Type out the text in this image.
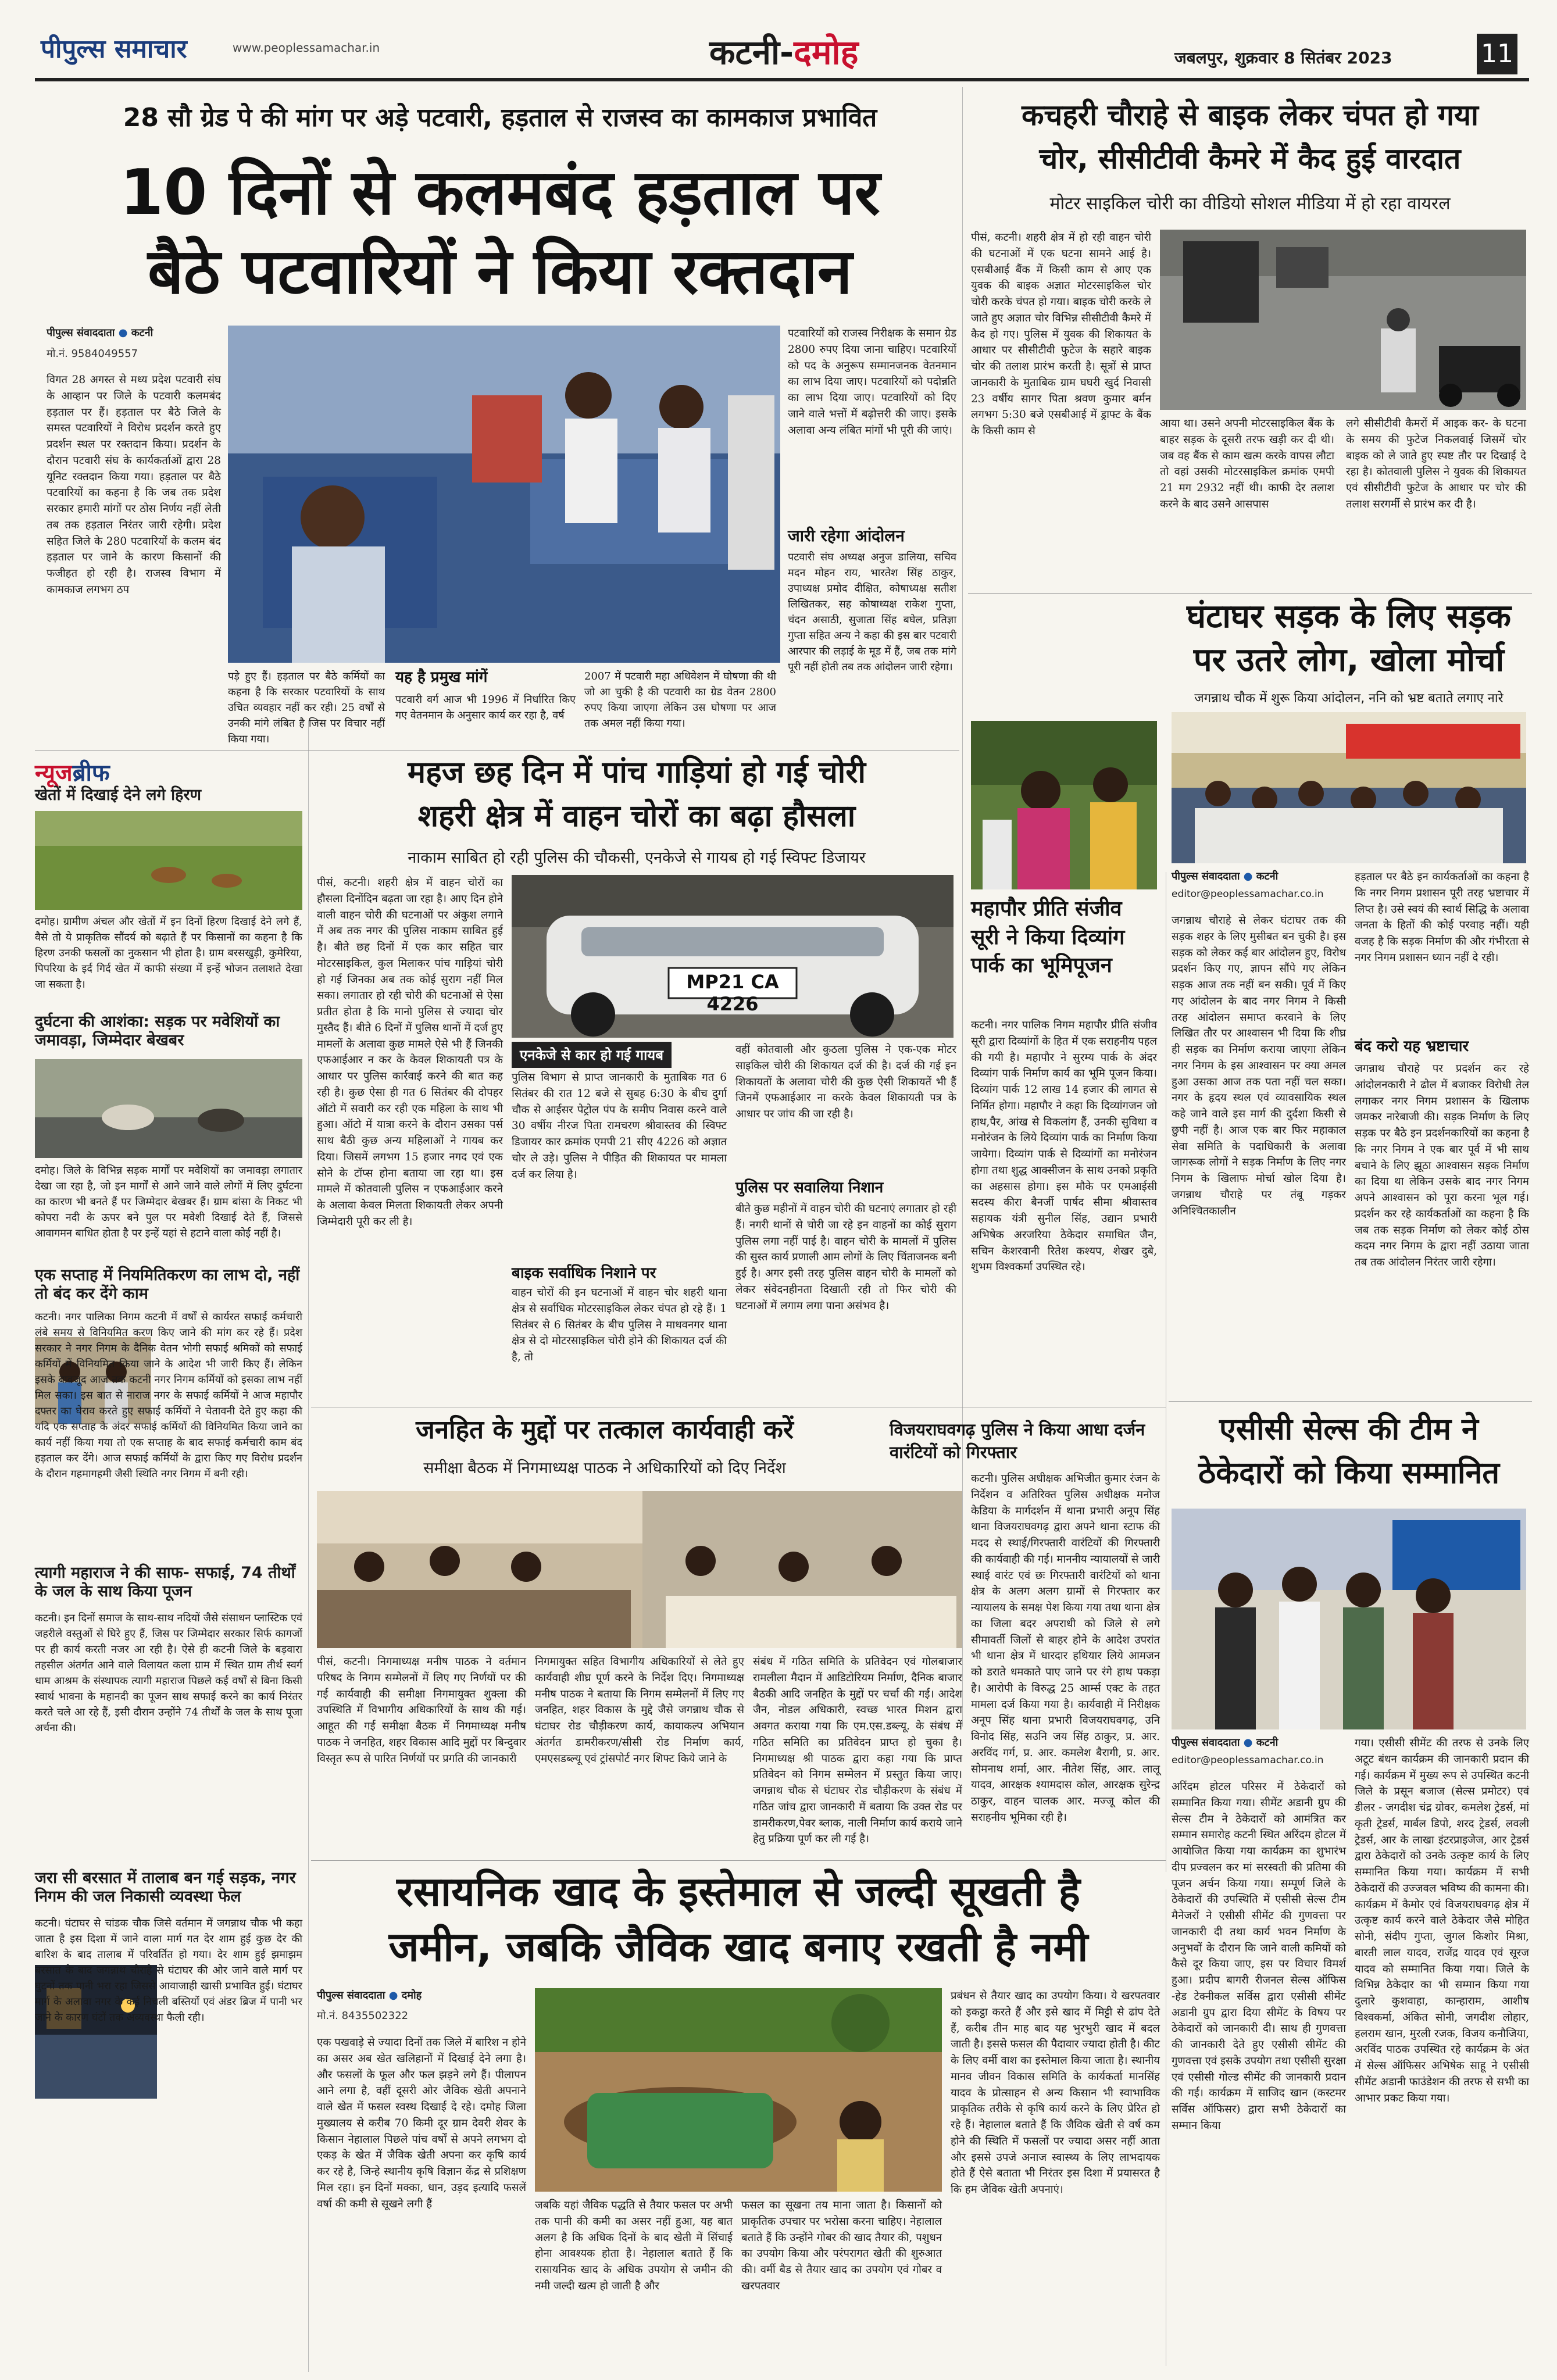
पीपुल्स समाचार	www.peoplessamachar.in	कटनी-दमोह	जबलपुर, शुक्रवार 8 सितंबर 2023	11
28 सौ ग्रेड पे की मांग पर अड़े पटवारी, हड़ताल से राजस्व का कामकाज प्रभावित
10 दिनों से कलमबंद हड़ताल पर
बैठे पटवारियों ने किया रक्तदान
पीपुल्स संवाददाता ● कटनी
मो.नं. 9584049557
विगत 28 अगस्त से मध्य प्रदेश पटवारी संघ के आव्हान पर जिले के पटवारी कलमबंद हड़ताल पर हैं। हड़ताल पर बैठे जिले के समस्त पटवारियों ने विरोध प्रदर्शन करते हुए प्रदर्शन स्थल पर रक्तदान किया। प्रदर्शन के दौरान पटवारी संघ के कार्यकर्ताओं द्वारा 28 यूनिट रक्तदान किया गया। हड़ताल पर बैठे पटवारियों का कहना है कि जब तक प्रदेश सरकार हमारी मांगों पर ठोस निर्णय नहीं लेती तब तक हड़ताल निरंतर जारी रहेगी। प्रदेश सहित जिले के 280 पटवारियों के कलम बंद हड़ताल पर जाने के कारण किसानों की फजीहत हो रही है। राजस्व विभाग में कामकाज लगभग ठप
पड़े हुए हैं। हड़ताल पर बैठे कर्मियों का कहना है कि सरकार पटवारियों के साथ उचित व्यवहार नहीं कर रही। 25 वर्षों से उनकी मांगे लंबित है जिस पर विचार नहीं किया गया।
यह है प्रमुख मांगें
पटवारी वर्ग आज भी 1996 में निर्धारित किए गए वेतनमान के अनुसार कार्य कर रहा है, वर्ष
2007 में पटवारी महा अधिवेशन में घोषणा की थी जो आ चुकी है की पटवारी का ग्रेड वेतन 2800 रुपए किया जाएगा लेकिन उस घोषणा पर आज तक अमल नहीं किया गया।
पटवारियों को राजस्व निरीक्षक के समान ग्रेड 2800 रुपए दिया जाना चाहिए। पटवारियों को पद के अनुरूप सम्मानजनक वेतनमान का लाभ दिया जाए। पटवारियों को पदोन्नति का लाभ दिया जाए। पटवारियों को दिए जाने वाले भत्तों में बढ़ोत्तरी की जाए। इसके अलावा अन्य लंबित मांगों भी पूरी की जाएं।
जारी रहेगा आंदोलन
पटवारी संघ अध्यक्ष अनुज डालिया, सचिव मदन मोहन राय, भारतेश सिंह ठाकुर, उपाध्यक्ष प्रमोद दीक्षित, कोषाध्यक्ष सतीश लिखितकर, सह कोषाध्यक्ष राकेश गुप्ता, चंदन असाठी, सुजाता सिंह बघेल, प्रतिज्ञा गुप्ता सहित अन्य ने कहा की इस बार पटवारी आरपार की लड़ाई के मूड में हैं, जब तक मांगे पूरी नहीं होती तब तक आंदोलन जारी रहेगा।
कचहरी चौराहे से बाइक लेकर चंपत हो गया
चोर, सीसीटीवी कैमरे में कैद हुई वारदात
मोटर साइकिल चोरी का वीडियो सोशल मीडिया में हो रहा वायरल
पीसं, कटनी। शहरी क्षेत्र में हो रही वाहन चोरी की घटनाओं में एक घटना सामने आई है। एसबीआई बैंक में किसी काम से आए एक युवक की बाइक अज्ञात मोटरसाइकिल चोर चोरी करके चंपत हो गया। बाइक चोरी करके ले जाते हुए अज्ञात चोर विभिन्न सीसीटीवी कैमरे में कैद हो गए। पुलिस में युवक की शिकायत के आधार पर सीसीटीवी फुटेज के सहारे बाइक चोर की तलाश प्रारंभ करती है। सूत्रों से प्राप्त जानकारी के मुताबिक ग्राम घघरी खुर्द निवासी 23 वर्षीय सागर पिता श्रवण कुमार बर्मन लगभग 5:30 बजे एसबीआई में ड्राफ्ट के बैंक के किसी काम से
आया था। उसने अपनी मोटरसाइकिल बैंक के बाहर सड़क के दूसरी तरफ खड़ी कर दी थी। जब वह बैंक से काम खत्म करके वापस लौटा तो वहां उसकी मोटरसाइकिल क्रमांक एमपी 21 मग 2932 नहीं थी। काफी देर तलाश करने के बाद उसने आसपास
लगे सीसीटीवी कैमरों में आइक कर- के घटना के समय की फुटेज निकलवाई जिसमें चोर बाइक को ले जाते हुए स्पष्ट तौर पर दिखाई दे रहा है। कोतवाली पुलिस ने युवक की शिकायत एवं सीसीटीवी फुटेज के आधार पर चोर की तलाश सरगर्मी से प्रारंभ कर दी है।
घंटाघर सड़क के लिए सड़क
पर उतरे लोग, खोला मोर्चा
जगन्नाथ चौक में शुरू किया आंदोलन, ननि को भ्रष्ट बताते लगाए नारे
पीपुल्स संवाददाता ● कटनी
editor@peoplessamachar.co.in
जगन्नाथ चौराहे से लेकर घंटाघर तक की सड़क शहर के लिए मुसीबत बन चुकी है। इस सड़क को लेकर कई बार आंदोलन हुए, विरोध प्रदर्शन किए गए, ज्ञापन सौंपे गए लेकिन सड़क आज तक नहीं बन सकी। पूर्व में किए गए आंदोलन के बाद नगर निगम ने किसी तरह आंदोलन समाप्त करवाने के लिए लिखित तौर पर आश्वासन भी दिया कि शीघ्र ही सड़क का निर्माण कराया जाएगा लेकिन नगर निगम के इस आश्वासन पर क्या अमल हुआ उसका आज तक पता नहीं चल सका। नगर के हृदय स्थल एवं व्यावसायिक स्थल कहे जाने वाले इस मार्ग की दुर्दशा किसी से छुपी नहीं है। आज एक बार फिर महाकाल सेवा समिति के पदाधिकारी के अलावा जागरूक लोगों ने सड़क निर्माण के लिए नगर निगम के खिलाफ मोर्चा खोल दिया है। जगन्नाथ चौराहे पर तंबू गड़कर अनिश्चितकालीन
हड़ताल पर बैठे इन कार्यकर्ताओं का कहना है कि नगर निगम प्रशासन पूरी तरह भ्रष्टाचार में लिप्त है। उसे स्वयं की स्वार्थ सिद्धि के अलावा जनता के हितों की कोई परवाह नहीं। यही वजह है कि सड़क निर्माण की और गंभीरता से नगर निगम प्रशासन ध्यान नहीं दे रही।
बंद करो यह भ्रष्टाचार
जगन्नाथ चौराहे पर प्रदर्शन कर रहे आंदोलनकारी ने ढोल में बजाकर विरोधी तेल लगाकर नगर निगम प्रशासन के खिलाफ जमकर नारेबाजी की। सड़क निर्माण के लिए सड़क पर बैठे इन प्रदर्शनकारियों का कहना है कि नगर निगम ने एक बार पूर्व में भी साथ बचाने के लिए झूठा आश्वासन सड़क निर्माण का दिया था लेकिन उसके बाद नगर निगम अपने आश्वासन को पूरा करना भूल गई। प्रदर्शन कर रहे कार्यकर्ताओं का कहना है कि जब तक सड़क निर्माण को लेकर कोई ठोस कदम नगर निगम के द्वारा नहीं उठाया जाता तब तक आंदोलन निरंतर जारी रहेगा।
महापौर प्रीति संजीव सूरी ने किया दिव्यांग पार्क का भूमिपूजन
कटनी। नगर पालिक निगम महापौर प्रीति संजीव सूरी द्वारा दिव्यांगों के हित में एक सराहनीय पहल की गयी है। महापौर ने सुरम्य पार्क के अंदर दिव्यांग पार्क निर्माण कार्य का भूमि पूजन किया।दिव्यांग पार्क 12 लाख 14 हजार की लागत से निर्मित होगा। महापौर ने कहा कि दिव्यांगजन जो हाथ,पैर, आंख से विकलांग हैं, उनकी सुविधा व मनोरंजन के लिये दिव्यांग पार्क का निर्माण किया जायेगा। दिव्यांग पार्क से दिव्यांगों का मनोरंजन होगा तथा शुद्ध आक्सीजन के साथ उनको प्रकृति का अहसास होगा। इस मौके पर एमआईसी सदस्य कीरा बैनर्जी पार्षद सीमा श्रीवास्तव सहायक यंत्री सुनील सिंह, उद्यान प्रभारी अभिषेक अरजरिया ठेकेदार समाधित जैन, सचिन केशरवानी रितेश कश्यप, शेखर दुबे, शुभम विश्वकर्मा उपस्थित रहे।
न्यूजब्रीफ
खेतों में दिखाई देने लगे हिरण
दमोह। ग्रामीण अंचल और खेतों में इन दिनों हिरण दिखाई देने लगे हैं, वैसे तो ये प्राकृतिक सौंदर्य को बढ़ाते हैं पर किसानों का कहना है कि हिरण उनकी फसलों का नुकसान भी होता है। ग्राम बरसखुड़ी, कुमेरिया, पिपरिया के इर्द गिर्द खेत में काफी संख्या में इन्हें भोजन तलाशते देखा जा सकता है।
दुर्घटना की आशंका: सड़क पर मवेशियों का जमावड़ा, जिम्मेदार बेखबर
दमोह। जिले के विभिन्न सड़क मार्गों पर मवेशियों का जमावड़ा लगातार देखा जा रहा है, जो इन मार्गों से आने जाने वाले लोगों में लिए दुर्घटना का कारण भी बनते हैं पर जिम्मेदार बेखबर हैं। ग्राम बांसा के निकट भी कोपरा नदी के ऊपर बने पुल पर मवेशी दिखाई देते हैं, जिससे आवागमन बाधित होता है पर इन्हें यहां से हटाने वाला कोई नहीं है।
एक सप्ताह में नियमितिकरण का लाभ दो, नहीं तो बंद कर देंगे काम
कटनी। नगर पालिका निगम कटनी में वर्षों से कार्यरत सफाई कर्मचारी लंबे समय से विनियमित करण किए जाने की मांग कर रहे हैं। प्रदेश सरकार ने नगर निगम के दैनिक वेतन भोगी सफाई श्रमिकों को सफाई कर्मियों में विनियमित किया जाने के आदेश भी जारी किए हैं। लेकिन इसके बावजूद आज तक कटनी नगर निगम कर्मियों को इसका लाभ नहीं मिल सका। इस बात से नाराज नगर के सफाई कर्मियों ने आज महापौर दफ्तर का घेराव करते हुए सफाई कर्मियों ने चेतावनी देते हुए कहा की यदि एक सप्ताह के अंदर सफाई कर्मियों की विनियमित किया जाने का कार्य नहीं किया गया तो एक सप्ताह के बाद सफाई कर्मचारी काम बंद हड़ताल कर देंगे। आज सफाई कर्मियों के द्वारा किए गए विरोध प्रदर्शन के दौरान गहमागहमी जैसी स्थिति नगर निगम में बनी रही।
त्यागी महाराज ने की साफ- सफाई, 74 तीर्थों के जल के साथ किया पूजन
कटनी। इन दिनों समाज के साथ-साथ नदियों जैसे संसाधन प्लास्टिक एवं जहरीले वस्तुओं से घिरे हुए हैं, जिस पर जिम्मेदार सरकार सिर्फ कागजों पर ही कार्य करती नजर आ रही है। ऐसे ही कटनी जिले के बड़वारा तहसील अंतर्गत आने वाले विलायत कला ग्राम में स्थित ग्राम तीर्थ स्वर्ग धाम आश्रम के संस्थापक त्यागी महाराज पिछले कई वर्षों से बिना किसी स्वार्थ भावना के महानदी का पूजन साथ सफाई करने का कार्य निरंतर करते चले आ रहे हैं, इसी दौरान उन्होंने 74 तीर्थों के जल के साथ पूजा अर्चना की।
जरा सी बरसात में तालाब बन गई सड़क, नगर निगम की जल निकासी व्यवस्था फेल
कटनी। घंटाघर से चांडक चौक जिसे वर्तमान में जगन्नाथ चौक भी कहा जाता है इस दिशा में जाने वाला मार्ग गत देर शाम हुई कुछ देर की बारिश के बाद तालाब में परिवर्तित हो गया। देर शाम हुई झमाझम बरसात के बाद जगन्नाथ चौराहे से घंटाघर की ओर जाने वाले मार्ग पर घुटनों तक पानी भरा रहा जिससे आवाजाही खासी प्रभावित हुई। घंटाघर मार्ग के अलावा नगर के कई निचली बस्तियों एवं अंडर ब्रिज में पानी भर जाने के कारण घंटों तक अव्यवस्था फैली रही।
महज छह दिन में पांच गाड़ियां हो गई चोरी
शहरी क्षेत्र में वाहन चोरों का बढ़ा हौसला
नाकाम साबित हो रही पुलिस की चौकसी, एनकेजे से गायब हो गई स्विफ्ट डिजायर
पीसं, कटनी। शहरी क्षेत्र में वाहन चोरों का हौसला दिनोंदिन बढ़ता जा रहा है। आए दिन होने वाली वाहन चोरी की घटनाओं पर अंकुश लगाने में अब तक नगर की पुलिस नाकाम साबित हुई है। बीते छह दिनों में एक कार सहित चार मोटरसाइकिल, कुल मिलाकर पांच गाड़ियां चोरी हो गई जिनका अब तक कोई सुराग नहीं मिल सका। लगातार हो रही चोरी की घटनाओं से ऐसा प्रतीत होता है कि मानो पुलिस से ज्यादा चोर मुस्तैद हैं। बीते 6 दिनों में पुलिस थानों में दर्ज हुए मामलों के अलावा कुछ मामले ऐसे भी हैं जिनकी एफआईआर न कर के केवल शिकायती पत्र के आधार पर पुलिस कार्रवाई करने की बात कह रही है। कुछ ऐसा ही गत 6 सितंबर की दोपहर ऑटो में सवारी कर रही एक महिला के साथ भी हुआ। ऑटो में यात्रा करने के दौरान उसका पर्स साथ बैठी कुछ अन्य महिलाओं ने गायब कर दिया। जिसमें लगभग 15 हजार नगद एवं एक सोने के टॉप्स होना बताया जा रहा था। इस मामले में कोतवाली पुलिस न एफआईआर करने के अलावा केवल मिलता शिकायती लेकर अपनी जिम्मेदारी पूरी कर ली है।
MP21 CA 4226
एनकेजे से कार हो गई गायब
पुलिस विभाग से प्राप्त जानकारी के मुताबिक गत 6 सितंबर की रात 12 बजे से सुबह 6:30 के बीच दुर्गा चौक से आईसर पेट्रोल पंप के समीप निवास करने वाले 30 वर्षीय नीरज पिता रामचरण श्रीवास्तव की स्विफ्ट डिजायर कार क्रमांक एमपी 21 सीए 4226 को अज्ञात चोर ले उड़े। पुलिस ने पीड़ित की शिकायत पर मामला दर्ज कर लिया है।
बाइक सर्वाधिक निशाने पर
वाहन चोरों की इन घटनाओं में वाहन चोर शहरी थाना क्षेत्र से सर्वाधिक मोटरसाइकिल लेकर चंपत हो रहे हैं। 1 सितंबर से 6 सितंबर के बीच पुलिस ने माधवनगर थाना क्षेत्र से दो मोटरसाइकिल चोरी होने की शिकायत दर्ज की है, तो
वहीं कोतवाली और कुठला पुलिस ने एक-एक मोटर साइकिल चोरी की शिकायत दर्ज की है। दर्ज की गई इन शिकायतों के अलावा चोरी की कुछ ऐसी शिकायतें भी हैं जिनमें एफआईआर ना करके केवल शिकायती पत्र के आधार पर जांच की जा रही है।
पुलिस पर सवालिया निशान
बीते कुछ महीनों में वाहन चोरी की घटनाएं लगातार हो रही हैं। नगरी थानों से चोरी जा रहे इन वाहनों का कोई सुराग पुलिस लगा नहीं पाई है। वाहन चोरी के मामलों में पुलिस की सुस्त कार्य प्रणाली आम लोगों के लिए चिंताजनक बनी हुई है। अगर इसी तरह पुलिस वाहन चोरी के मामलों को लेकर संवेदनहीनता दिखाती रही तो फिर चोरी की घटनाओं में लगाम लगा पाना असंभव है।
जनहित के मुद्दों पर तत्काल कार्यवाही करें
समीक्षा बैठक में निगमाध्यक्ष पाठक ने अधिकारियों को दिए निर्देश
पीसं, कटनी। निगमाध्यक्ष मनीष पाठक ने वर्तमान परिषद के निगम सम्मेलनों में लिए गए निर्णयों पर की गई कार्यवाही की समीक्षा निगमायुक्त शुक्ला की उपस्थिति में विभागीय अधिकारियों के साथ की गई। आहूत की गई समीक्षा बैठक में निगमाध्यक्ष मनीष पाठक ने जनहित, शहर विकास आदि मुद्दों पर बिन्दुवार विस्तृत रूप से पारित निर्णयों पर प्रगति की जानकारी
निगमायुक्त सहित विभागीय अधिकारियों से लेते हुए कार्यवाही शीघ्र पूर्ण करने के निर्देश दिए। निगमाध्यक्ष मनीष पाठक ने बताया कि निगम सम्मेलनों में लिए गए जनहित, शहर विकास के मुद्दे जैसे जगन्नाथ चौक से घंटाघर रोड चौड़ीकरण कार्य, कायाकल्प अभियान अंतर्गत डामरीकरण/सीसी रोड निर्माण कार्य, एमएसडब्ल्यू एवं ट्रांसपोर्ट नगर शिफ्ट किये जाने के
संबंध में गठित समिति के प्रतिवेदन एवं गोलबाजार रामलीला मैदान में आडिटोरियम निर्माण, दैनिक बाजार बैठकी आदि जनहित के मुद्दों पर चर्चा की गई। आदेश जैन, नोडल अधिकारी, स्वच्छ भारत मिशन द्वारा अवगत कराया गया कि एम.एस.डब्ल्यू. के संबंध में गठित समिति का प्रतिवेदन प्राप्त हो चुका है। निगमाध्यक्ष श्री पाठक द्वारा कहा गया कि प्राप्त प्रतिवेदन को निगम सम्मेलन में प्रस्तुत किया जाए। जगन्नाथ चौक से घंटाघर रोड चौड़ीकरण के संबंध में गठित जांच द्वारा जानकारी में बताया कि उक्त रोड पर डामरीकरण,पेवर ब्लाक, नाली निर्माण कार्य कराये जाने हेतु प्रक्रिया पूर्ण कर ली गई है।
विजयराघवगढ़ पुलिस ने किया आधा दर्जन वारंटियों को गिरफ्तार
कटनी। पुलिस अधीक्षक अभिजीत कुमार रंजन के निर्देशन व अतिरिक्त पुलिस अधीक्षक मनोज केडिया के मार्गदर्शन में थाना प्रभारी अनूप सिंह थाना विजयराघवगढ़ द्वारा अपने थाना स्टाफ की मदद से स्थाई/गिरफ्तारी वारंटियों की गिरफ्तारी की कार्यवाही की गई। माननीय न्यायालयों से जारी स्थाई वारंट एवं छः गिरफ्तारी वारंटियों को थाना क्षेत्र के अलग अलग ग्रामों से गिरफ्तार कर न्यायालय के समक्ष पेश किया गया तथा थाना क्षेत्र का जिला बदर अपराधी को जिले से लगे सीमावर्ती जिलों से बाहर होने के आदेश उपरांत भी थाना क्षेत्र में धारदार हथियार लिये आमजन को डराते धमकाते पाए जाने पर रंगे हाथ पकड़ा है। आरोपी के विरुद्ध 25 आर्म्स एक्ट के तहत मामला दर्ज किया गया है। कार्यवाही में निरीक्षक अनूप सिंह थाना प्रभारी विजयराघवगढ़, उनि विनोद सिंह, सउनि जय सिंह ठाकुर, प्र. आर. अरविंद गर्ग, प्र. आर. कमलेश बैरागी, प्र. आर. सोमनाथ शर्मा, आर. नीतेश सिंह, आर. लालू यादव, आरक्षक श्यामदास कोल, आरक्षक सुरेन्द्र ठाकुर, वाहन चालक आर. मज्जू कोल की सराहनीय भूमिका रही है।
एसीसी सेल्स की टीम ने
ठेकेदारों को किया सम्मानित
पीपुल्स संवाददाता ● कटनी
editor@peoplessamachar.co.in
अरिंदम होटल परिसर में ठेकेदारों को सम्मानित किया गया। सीमेंट अडानी ग्रुप की सेल्स टीम ने ठेकेदारों को आमंत्रित कर सम्मान समारोह कटनी स्थित अरिंदम होटल में आयोजित किया गया कार्यक्रम का शुभारंभ दीप प्रज्वलन कर मां सरस्वती की प्रतिमा की पूजन अर्चन किया गया। सम्पूर्ण जिले के ठेकेदारों की उपस्थिति में एसीसी सेल्स टीम मैनेजरों ने एसीसी सीमेंट की गुणवत्ता पर जानकारी दी तथा कार्य भवन निर्माण के अनुभवों के दौरान कि जाने वाली कमियों को कैसे दूर किया जाए, इस पर विचार विमर्श हुआ। प्रदीप बागरी रीजनल सेल्स ऑफिस -हेड टेक्नीकल सर्विस द्वारा एसीसी सीमेंट अडानी ग्रुप द्वारा दिया सीमेंट के विषय पर ठेकेदारों को जानकारी दी। साथ ही गुणवत्ता की जानकारी देते हुए एसीसी सीमेंट की गुणवत्ता एवं इसके उपयोग तथा एसीसी सुरक्षा एवं एसीसी गोल्ड सीमेंट की जानकारी प्रदान की गई। कार्यक्रम में साजिद खान (कस्टमर सर्विस ऑफिसर) द्वारा सभी ठेकेदारों का सम्मान किया
गया। एसीसी सीमेंट की तरफ से उनके लिए अटूट बंधन कार्यक्रम की जानकारी प्रदान की गई। कार्यक्रम में मुख्य रूप से उपस्थित कटनी जिले के प्रसून बजाज (सेल्स प्रमोटर) एवं डीलर - जगदीश चंद्र ग्रोवर, कमलेश ट्रेडर्स, मां कृती ट्रेडर्स, मार्बल डिपो, शरद ट्रेडर्स, लवली ट्रेडर्स, आर के लाखा इंटरप्राइजेज, आर ट्रेडर्स द्वारा ठेकेदारों को उनके उत्कृष्ट कार्य के लिए सम्मानित किया गया। कार्यक्रम में सभी ठेकेदारों की उज्जवल भविष्य की कामना की। कार्यक्रम में कैमोर एवं विजयराघवगढ़ क्षेत्र में उत्कृष्ट कार्य करने वाले ठेकेदार जैसे मोहित सोनी, संदीप गुप्ता, जुगल किशोर मिश्रा, बारती लाल यादव, राजेंद्र यादव एवं सूरज यादव को सम्मानित किया गया। जिले के विभिन्न ठेकेदार का भी सम्मान किया गया दुलारे कुशवाहा, कान्हाराम, आशीष विश्वकर्मा, अंकित सोनी, जगदीश लोहार, हलराम खान, मुरली रजक, विजय कनौजिया, अरविंद पाठक उपस्थित रहे कार्यक्रम के अंत में सेल्स ऑफिसर अभिषेक साहू ने एसीसी सीमेंट अडानी फाउंडेशन की तरफ से सभी का आभार प्रकट किया गया।
रसायनिक खाद के इस्तेमाल से जल्दी सूखती है
जमीन, जबकि जैविक खाद बनाए रखती है नमी
पीपुल्स संवाददाता ● दमोह
मो.नं. 8435502322
एक पखवाड़े से ज्यादा दिनों तक जिले में बारिश न होने का असर अब खेत खलिहानों में दिखाई देने लगा है। और फसलों के फूल और फल झड़ने लगे हैं। पीलापन आने लगा है, वहीं दूसरी ओर जैविक खेती अपनाने वाले खेत में फसल स्वस्थ दिखाई दे रहे। दमोह जिला मुख्यालय से करीब 70 किमी दूर ग्राम देवरी शेवर के किसान नेहालाल पिछले पांच वर्षों से अपने लगभग दो एकड़ के खेत में जैविक खेती अपना कर कृषि कार्य कर रहे है, जिन्हे स्थानीय कृषि विज्ञान केंद्र से प्रशिक्षण मिल रहा। इन दिनों मक्का, धान, उड़द इत्यादि फसलें वर्षा की कमी से सूखने लगी हैं	जबकि यहां जैविक पद्धति से तैयार फसल पर अभी तक पानी की कमी का असर नहीं हुआ, यह बात अलग है कि अधिक दिनों के बाद खेती में सिंचाई होना आवश्यक होता है। नेहालाल बताते हैं कि रासायनिक खाद के अधिक उपयोग से जमीन की नमी जल्दी खत्म हो जाती है और
फसल का सूखना तय माना जाता है। किसानों को प्राकृतिक उपचार पर भरोसा करना चाहिए। नेहालाल बताते हैं कि उन्होंने गोबर की खाद तैयार की, पशुधन का उपयोग किया और परंपरागत खेती की शुरुआत की। वर्मी बैड से तैयार खाद का उपयोग एवं गोबर व खरपतवार
प्रबंधन से तैयार खाद का उपयोग किया। ये खरपतवार को इकट्ठा करते हैं और इसे खाद में मिट्टी से ढांप देते हैं, करीब तीन माह बाद यह भुरभुरी खाद में बदल जाती है। इससे फसल की पैदावार ज्यादा होती है। कीट के लिए वर्मी वाश का इस्तेमाल किया जाता है। स्थानीय मानव जीवन विकास समिति के कार्यकर्ता मानसिंह यादव के प्रोत्साहन से अन्य किसान भी स्वाभाविक प्राकृतिक तरीके से कृषि कार्य करने के लिए प्रेरित हो रहे हैं। नेहालाल बताते हैं कि जैविक खेती से वर्ष कम होने की स्थिति में फसलों पर ज्यादा असर नहीं आता और इससे उपजे अनाज स्वास्थ्य के लिए लाभदायक होते हैं ऐसे बताता भी निरंतर इस दिशा में प्रयासरत है कि हम जैविक खेती अपनाएं।
